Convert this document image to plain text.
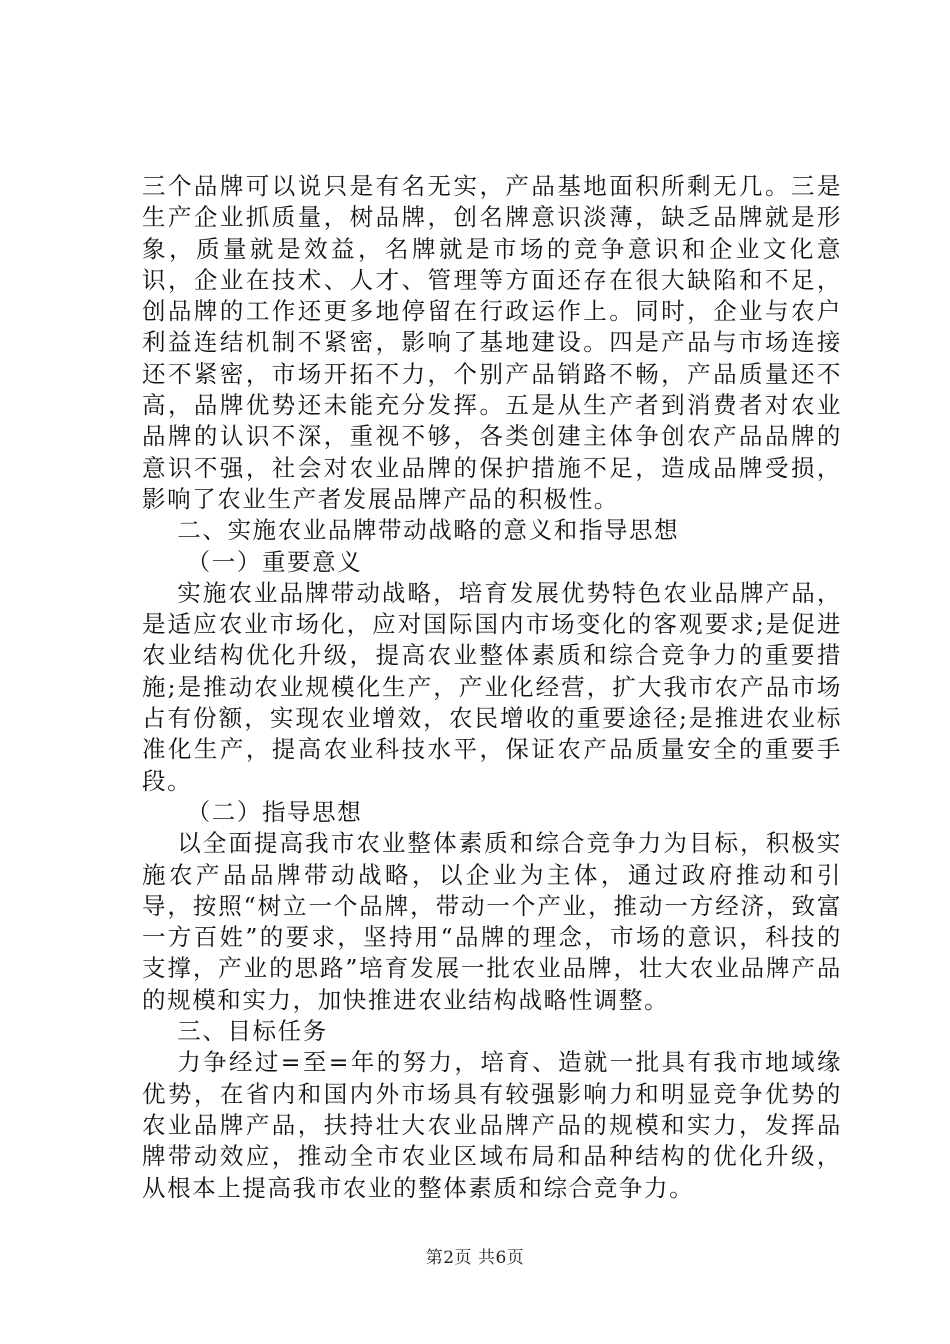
三个品牌可以说只是有名无实，产品基地面积所剩无几。三是生产企业抓质量，树品牌，创名牌意识淡薄，缺乏品牌就是形象，质量就是效益，名牌就是市场的竞争意识和企业文化意识，企业在技术、人才、管理等方面还存在很大缺陷和不足，创品牌的工作还更多地停留在行政运作上。同时，企业与农户利益连结机制不紧密，影响了基地建设。四是产品与市场连接还不紧密，市场开拓不力，个别产品销路不畅，产品质量还不高，品牌优势还未能充分发挥。五是从生产者到消费者对农业品牌的认识不深，重视不够，各类创建主体争创农产品品牌的意识不强，社会对农业品牌的保护措施不足，造成品牌受损，影响了农业生产者发展品牌产品的积极性。

二、实施农业品牌带动战略的意义和指导思想

（一）重要意义

实施农业品牌带动战略，培育发展优势特色农业品牌产品，是适应农业市场化，应对国际国内市场变化的客观要求;是促进农业结构优化升级，提高农业整体素质和综合竞争力的重要措施;是推动农业规模化生产，产业化经营，扩大我市农产品市场占有份额，实现农业增效，农民增收的重要途径;是推进农业标准化生产，提高农业科技水平，保证农产品质量安全的重要手段。

（二）指导思想

以全面提高我市农业整体素质和综合竞争力为目标，积极实施农产品品牌带动战略，以企业为主体，通过政府推动和引导，按照“树立一个品牌，带动一个产业，推动一方经济，致富一方百姓”的要求，坚持用“品牌的理念，市场的意识，科技的支撑，产业的思路”培育发展一批农业品牌，壮大农业品牌产品的规模和实力，加快推进农业结构战略性调整。

三、目标任务

力争经过=至=年的努力，培育、造就一批具有我市地域缘优势，在省内和国内外市场具有较强影响力和明显竞争优势的农业品牌产品，扶持壮大农业品牌产品的规模和实力，发挥品牌带动效应，推动全市农业区域布局和品种结构的优化升级，从根本上提高我市农业的整体素质和综合竞争力。

第2页 共6页
